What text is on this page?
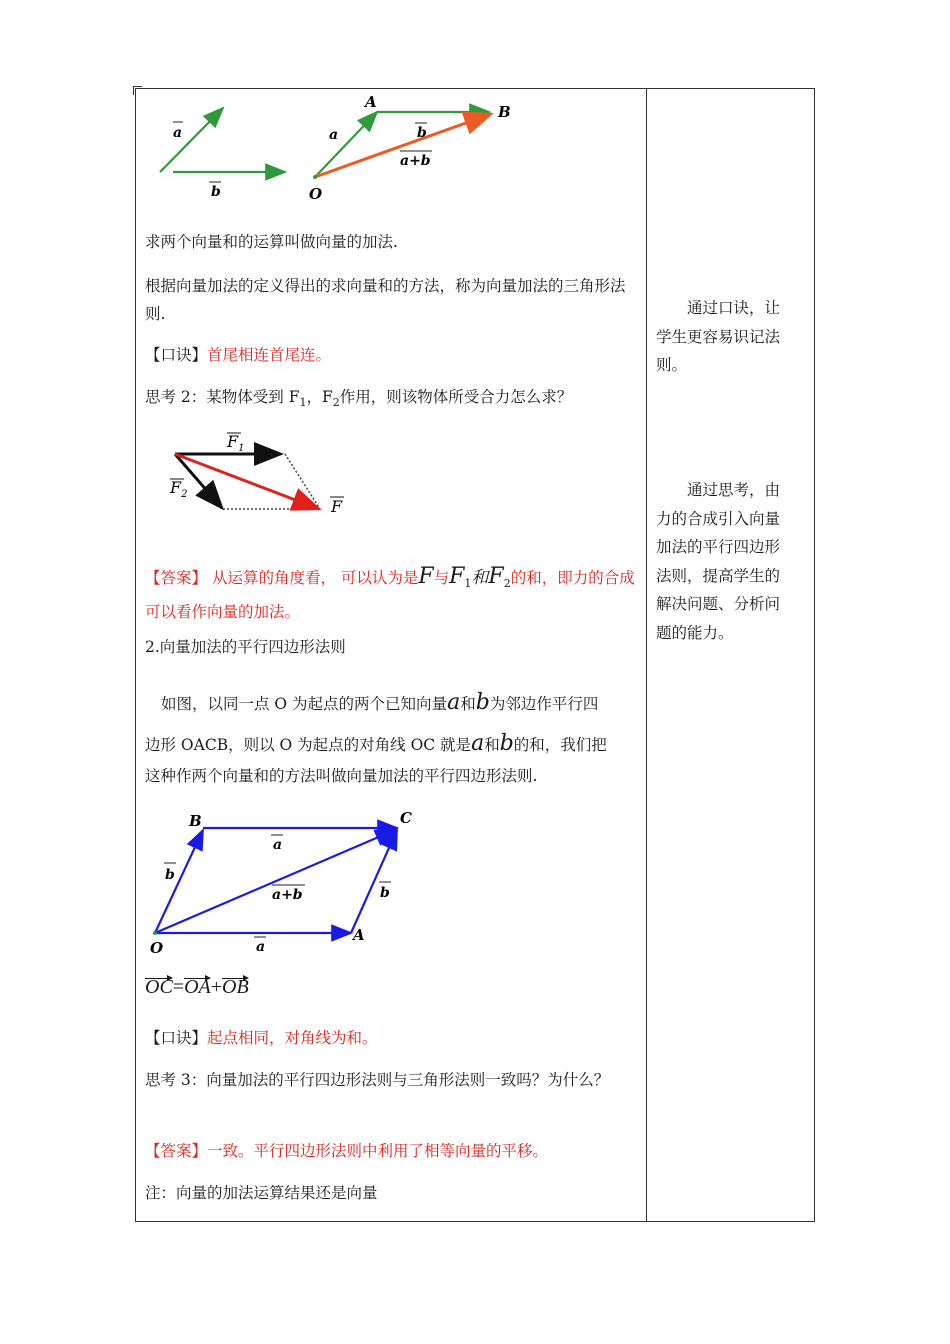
a
b
A
B
O
a	b
a+b
求两个向量和的运算叫做向量的加法.
根据向量加法的定义得出的求向量和的方法，称为向量加法的三角形法则.
【口诀】首尾相连首尾连。
思考 2：某物体受到 $F_1$，$F_2$作用，则该物体所受合力怎么求？
$F_1$
$F_2$
F
【答案】 从运算的角度看， 可以认为是F与$F_1$和$F_2$的和，即力的合成可以看作向量的加法。
2.向量加法的平行四边形法则
如图，以同一点 O 为起点的两个已知向量a和b为邻边作平行四
边形 OACB，则以 O 为起点的对角线 OC 就是a和b的和，我们把
这种作两个向量和的方法叫做向量加法的平行四边形法则.
B	C
O
A
a
a
b
b
a+b
OC=OA+OB
【口诀】起点相同，对角线为和。
思考 3：向量加法的平行四边形法则与三角形法则一致吗？为什么？
【答案】一致。平行四边形法则中利用了相等向量的平移。
注：向量的加法运算结果还是向量
通过口诀，让学生更容易识记法则。
通过思考，由力的合成引入向量加法的平行四边形法则，提高学生的解决问题、分析问题的能力。
